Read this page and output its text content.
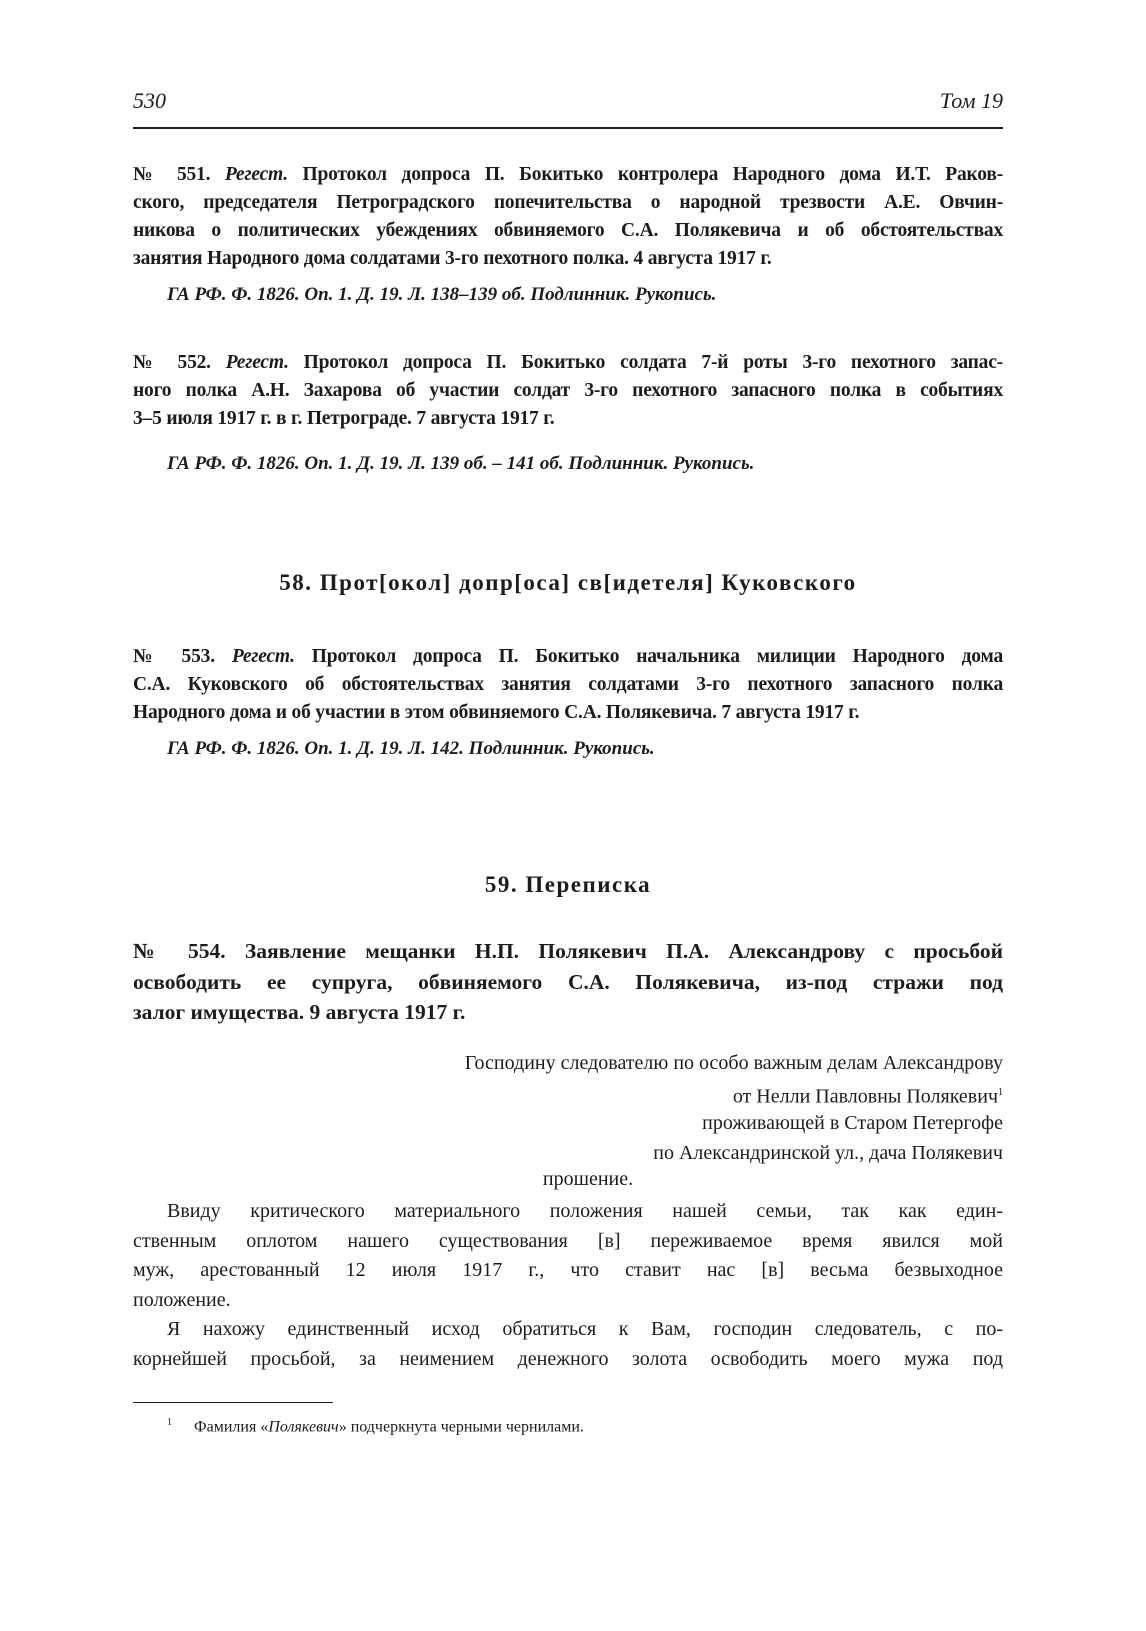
530	Том 19
№ 551. Регест. Протокол допроса П. Бокитько контролера Народного дома И.Т. Раков-
ского, председателя Петроградского попечительства о народной трезвости А.Е. Овчин-
никова о политических убеждениях обвиняемого С.А. Полякевича и об обстоятельствах
занятия Народного дома солдатами 3-го пехотного полка. 4 августа 1917 г.
ГА РФ. Ф. 1826. Оп. 1. Д. 19. Л. 138–139 об. Подлинник. Рукопись.
№ 552. Регест. Протокол допроса П. Бокитько солдата 7-й роты 3-го пехотного запас-
ного полка А.Н. Захарова об участии солдат 3-го пехотного запасного полка в событиях
3–5 июля 1917 г. в г. Петрограде. 7 августа 1917 г.
ГА РФ. Ф. 1826. Оп. 1. Д. 19. Л. 139 об. – 141 об. Подлинник. Рукопись.
58. Прот[окол] допр[оса] св[идетеля] Куковского
№ 553. Регест. Протокол допроса П. Бокитько начальника милиции Народного дома
С.А. Куковского об обстоятельствах занятия солдатами 3-го пехотного запасного полка
Народного дома и об участии в этом обвиняемого С.А. Полякевича. 7 августа 1917 г.
ГА РФ. Ф. 1826. Оп. 1. Д. 19. Л. 142. Подлинник. Рукопись.
59. Переписка
№ 554. Заявление мещанки Н.П. Полякевич П.А. Александрову с просьбой
освободить ее супруга, обвиняемого С.А. Полякевича, из-под стражи под
залог имущества. 9 августа 1917 г.
Господину следователю по особо важным делам Александрову
от Нелли Павловны Полякевич$^1$
проживающей в Старом Петергофе
по Александринской ул., дача Полякевич
прошение.
Ввиду критического материального положения нашей семьи, так как един-
ственным оплотом нашего существования [в] переживаемое время явился мой
муж, арестованный 12 июля 1917 г., что ставит нас [в] весьма безвыходное
положение.
Я нахожу единственный исход обратиться к Вам, господин следователь, с по-
корнейшей просьбой, за неимением денежного золота освободить моего мужа под
$^1$ Фамилия «Полякевич» подчеркнута черными чернилами.
